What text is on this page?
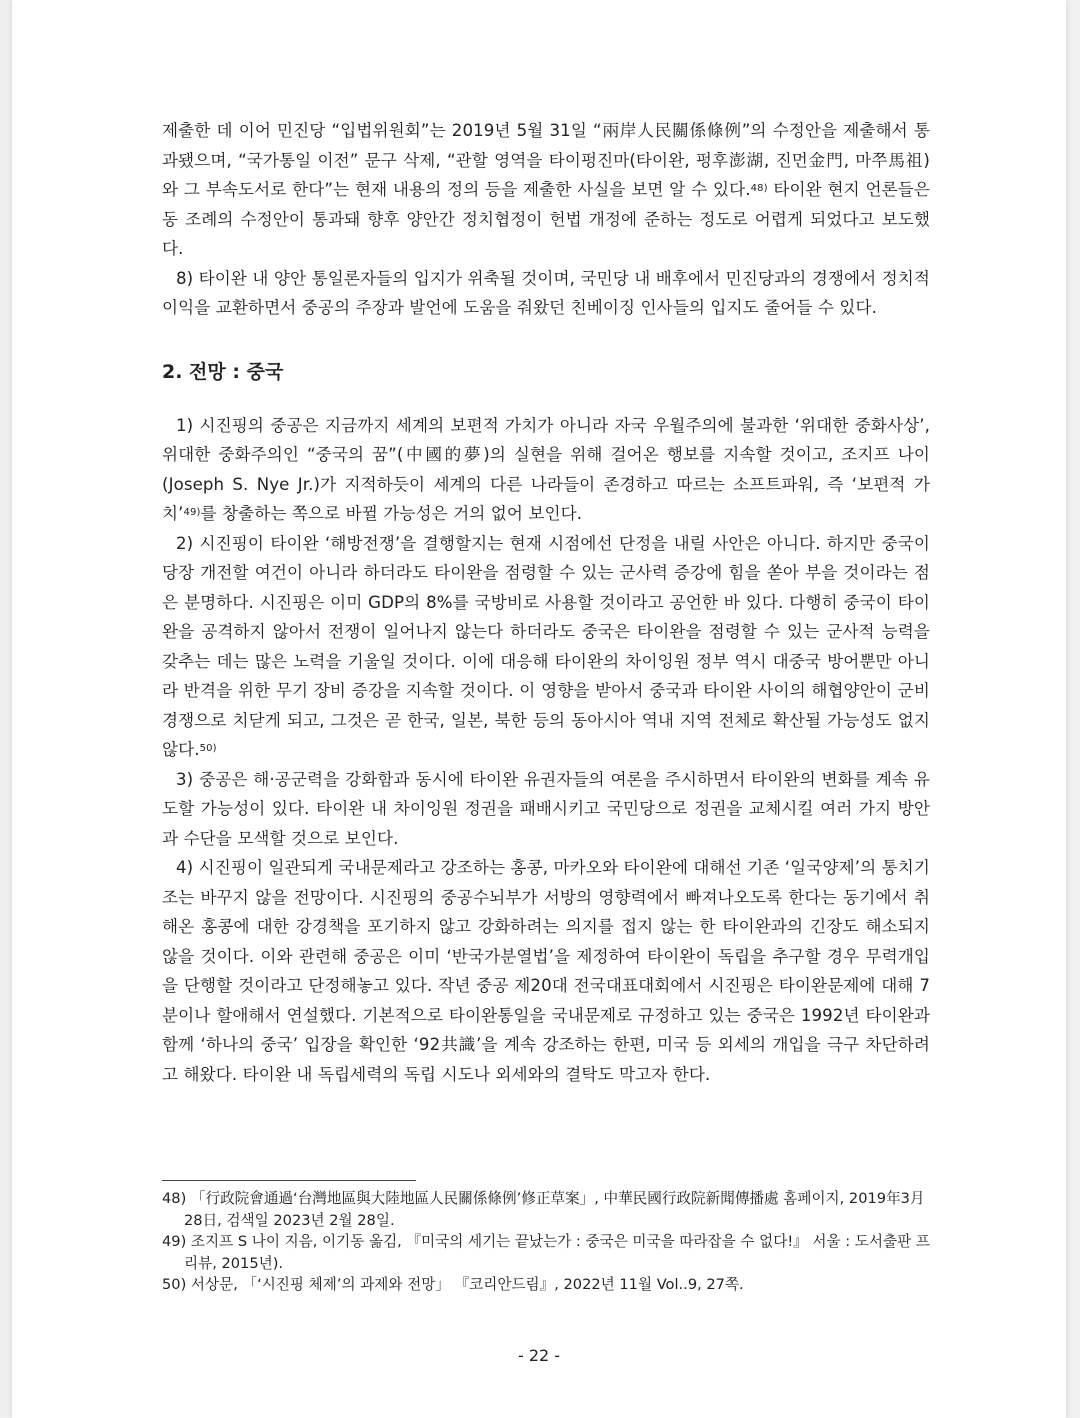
제출한 데 이어 민진당 “입법위원회”는 2019년 5월 31일 “兩岸人民關係條例”의 수정안을 제출해서 통과됐으며, “국가통일 이전” 문구 삭제, “관할 영역을 타이펑진마(타이완, 펑후澎湖, 진먼金門, 마쭈馬祖)와 그 부속도서로 한다”는 현재 내용의 정의 등을 제출한 사실을 보면 알 수 있다.$^{48)}$ 타이완 현지 언론들은 동 조례의 수정안이 통과돼 향후 양안간 정치협정이 헌법 개정에 준하는 정도로 어렵게 되었다고 보도했다.

8) 타이완 내 양안 통일론자들의 입지가 위축될 것이며, 국민당 내 배후에서 민진당과의 경쟁에서 정치적 이익을 교환하면서 중공의 주장과 발언에 도움을 줘왔던 친베이징 인사들의 입지도 줄어들 수 있다.

2. 전망 : 중국

1) 시진핑의 중공은 지금까지 세계의 보편적 가치가 아니라 자국 우월주의에 불과한 ‘위대한 중화사상’, 위대한 중화주의인 “중국의 꿈”(中國的夢)의 실현을 위해 걸어온 행보를 지속할 것이고, 조지프 나이(Joseph S. Nye Jr.)가 지적하듯이 세계의 다른 나라들이 존경하고 따르는 소프트파워, 즉 ‘보편적 가치’$^{49)}$를 창출하는 쪽으로 바뀔 가능성은 거의 없어 보인다.

2) 시진핑이 타이완 ‘해방전쟁’을 결행할지는 현재 시점에선 단정을 내릴 사안은 아니다. 하지만 중국이 당장 개전할 여건이 아니라 하더라도 타이완을 점령할 수 있는 군사력 증강에 힘을 쏟아 부을 것이라는 점은 분명하다. 시진핑은 이미 GDP의 8%를 국방비로 사용할 것이라고 공언한 바 있다. 다행히 중국이 타이완을 공격하지 않아서 전쟁이 일어나지 않는다 하더라도 중국은 타이완을 점령할 수 있는 군사적 능력을 갖추는 데는 많은 노력을 기울일 것이다. 이에 대응해 타이완의 차이잉원 정부 역시 대중국 방어뿐만 아니라 반격을 위한 무기 장비 증강을 지속할 것이다. 이 영향을 받아서 중국과 타이완 사이의 해협양안이 군비경쟁으로 치닫게 되고, 그것은 곧 한국, 일본, 북한 등의 동아시아 역내 지역 전체로 확산될 가능성도 없지 않다.$^{50)}$

3) 중공은 해·공군력을 강화함과 동시에 타이완 유권자들의 여론을 주시하면서 타이완의 변화를 계속 유도할 가능성이 있다. 타이완 내 차이잉원 정권을 패배시키고 국민당으로 정권을 교체시킬 여러 가지 방안과 수단을 모색할 것으로 보인다.

4) 시진핑이 일관되게 국내문제라고 강조하는 홍콩, 마카오와 타이완에 대해선 기존 ‘일국양제’의 통치기조는 바꾸지 않을 전망이다. 시진핑의 중공수뇌부가 서방의 영향력에서 빠져나오도록 한다는 동기에서 취해온 홍콩에 대한 강경책을 포기하지 않고 강화하려는 의지를 접지 않는 한 타이완과의 긴장도 해소되지 않을 것이다. 이와 관련해 중공은 이미 ‘반국가분열법’을 제정하여 타이완이 독립을 추구할 경우 무력개입을 단행할 것이라고 단정해놓고 있다. 작년 중공 제20대 전국대표대회에서 시진핑은 타이완문제에 대해 7분이나 할애해서 연설했다. 기본적으로 타이완통일을 국내문제로 규정하고 있는 중국은 1992년 타이완과 함께 ‘하나의 중국’ 입장을 확인한 ‘92共識’을 계속 강조하는 한편, 미국 등 외세의 개입을 극구 차단하려고 해왔다. 타이완 내 독립세력의 독립 시도나 외세와의 결탁도 막고자 한다.

48) 「行政院會通過‘台灣地區與大陸地區人民關係條例’修正草案」, 中華民國行政院新聞傳播處 홈페이지, 2019年3月28日, 검색일 2023년 2월 28일.

49) 조지프 S 나이 지음, 이기동 옮김, 『미국의 세기는 끝났는가 : 중국은 미국을 따라잡을 수 없다!』 서울 : 도서출판 프리뷰, 2015년).

50) 서상문, 「‘시진핑 체제’의 과제와 전망」 『코리안드림』, 2022년 11월 Vol..9, 27쪽.

- 22 -
